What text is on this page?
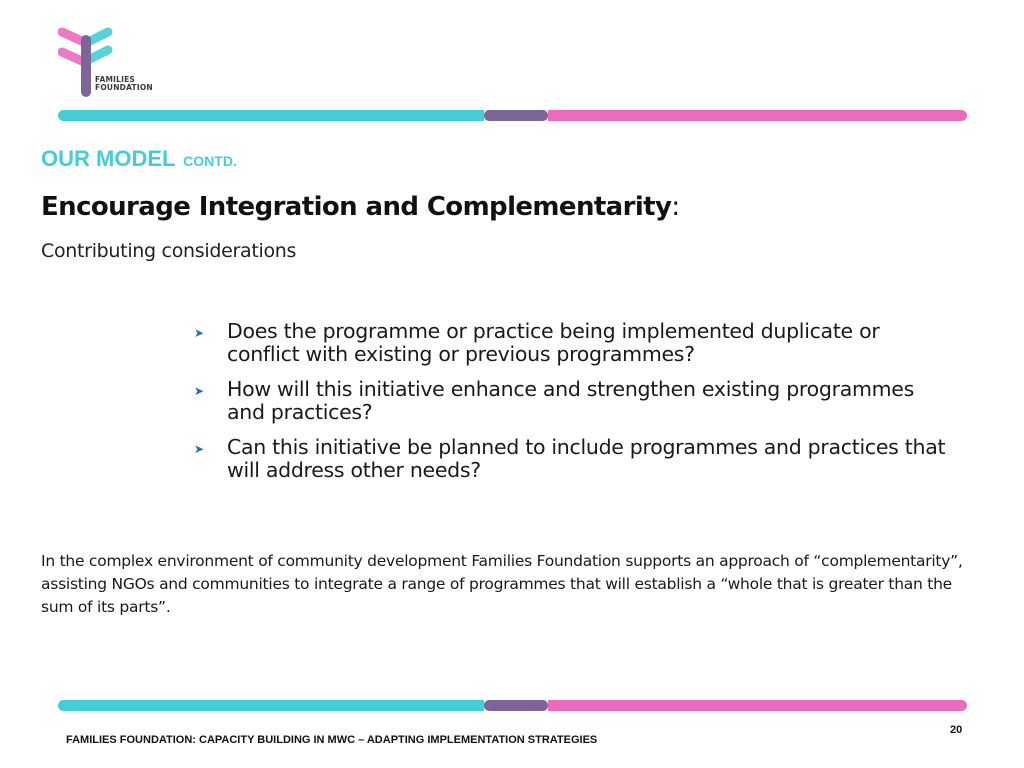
FAMILIES
FOUNDATION
OUR MODEL CONTD.
Encourage Integration and Complementarity:
Contributing considerations
➤	Does the programme or practice being implemented duplicate or conflict with existing or previous programmes?
➤	How will this initiative enhance and strengthen existing programmes and practices?
➤	Can this initiative be planned to include programmes and practices that will address other needs?
In the complex environment of community development Families Foundation supports an approach of “complementarity”, assisting NGOs and communities to integrate a range of programmes that will establish a “whole that is greater than the sum of its parts”.
FAMILIES FOUNDATION: CAPACITY BUILDING IN MWC – ADAPTING IMPLEMENTATION STRATEGIES
20
